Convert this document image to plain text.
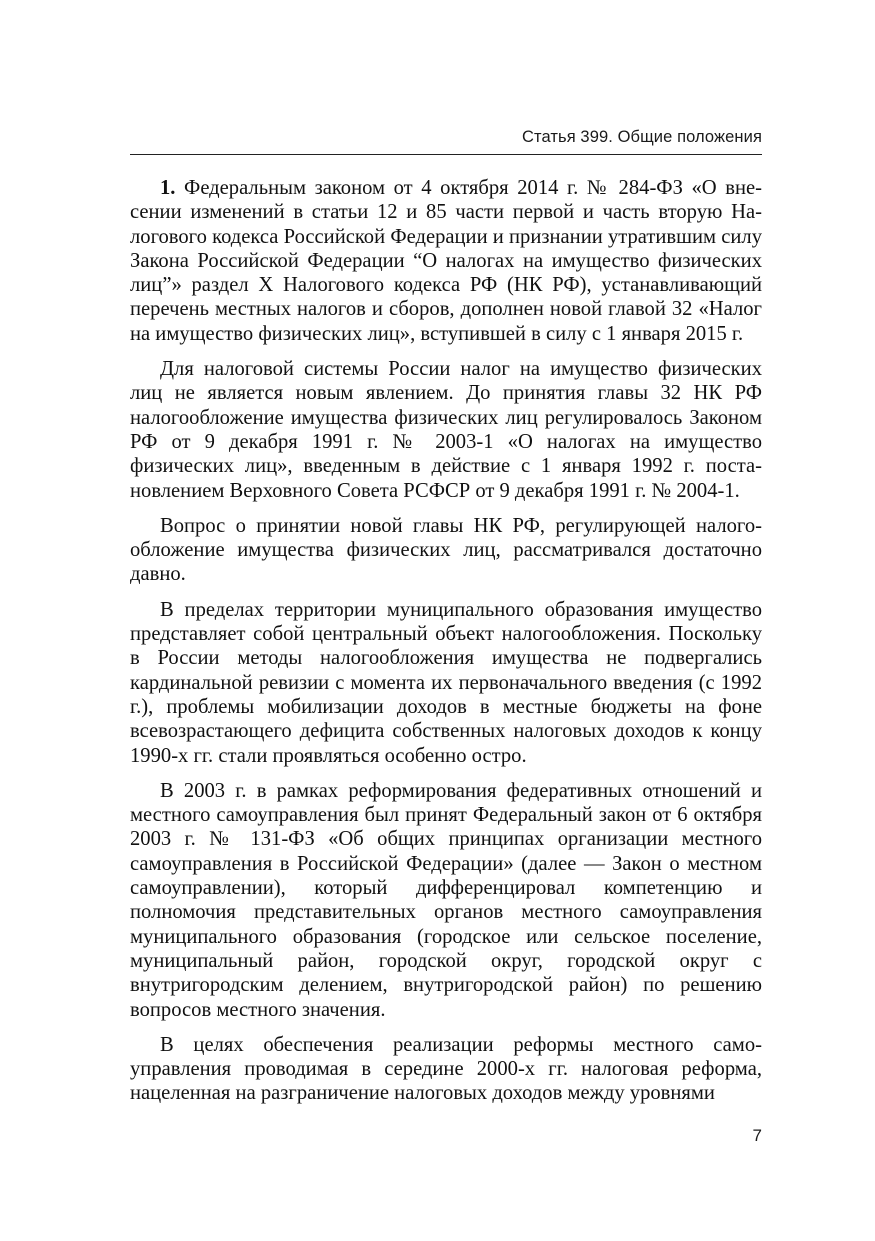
Статья 399. Общие положения

1. Федеральным законом от 4 октября 2014 г. № 284-ФЗ «О внесении изменений в статьи 12 и 85 части первой и часть вторую Налогового кодекса Российской Федерации и признании утратившим силу Закона Российской Федерации “О налогах на имущество физических лиц”» раздел X Налогового кодекса РФ (НК РФ), устанавливающий перечень местных налогов и сборов, дополнен новой главой 32 «Налог на имущество физических лиц», вступившей в силу с 1 января 2015 г.

Для налоговой системы России налог на имущество физических лиц не является новым явлением. До принятия главы 32 НК РФ налогообложение имущества физических лиц регулировалось Законом РФ от 9 декабря 1991 г. № 2003-1 «О налогах на имущество физических лиц», введенным в действие с 1 января 1992 г. постановлением Верховного Совета РСФСР от 9 декабря 1991 г. № 2004-1.

Вопрос о принятии новой главы НК РФ, регулирующей налогообложение имущества физических лиц, рассматривался достаточно давно.

В пределах территории муниципального образования имущество представляет собой центральный объект налогообложения. Поскольку в России методы налогообложения имущества не подвергались кардинальной ревизии с момента их первоначального введения (с 1992 г.), проблемы мобилизации доходов в местные бюджеты на фоне всевозрастающего дефицита собственных налоговых доходов к концу 1990-х гг. стали проявляться особенно остро.

В 2003 г. в рамках реформирования федеративных отношений и местного самоуправления был принят Федеральный закон от 6 октября 2003 г. № 131-ФЗ «Об общих принципах организации местного самоуправления в Российской Федерации» (далее — Закон о местном самоуправлении), который дифференцировал компетенцию и полномочия представительных органов местного самоуправления муниципального образования (городское или сельское поселение, муниципальный район, городской округ, городской округ с внутригородским делением, внутригородской район) по решению вопросов местного значения.

В целях обеспечения реализации реформы местного самоуправления проводимая в середине 2000-х гг. налоговая реформа, нацеленная на разграничение налоговых доходов между уровнями

7
